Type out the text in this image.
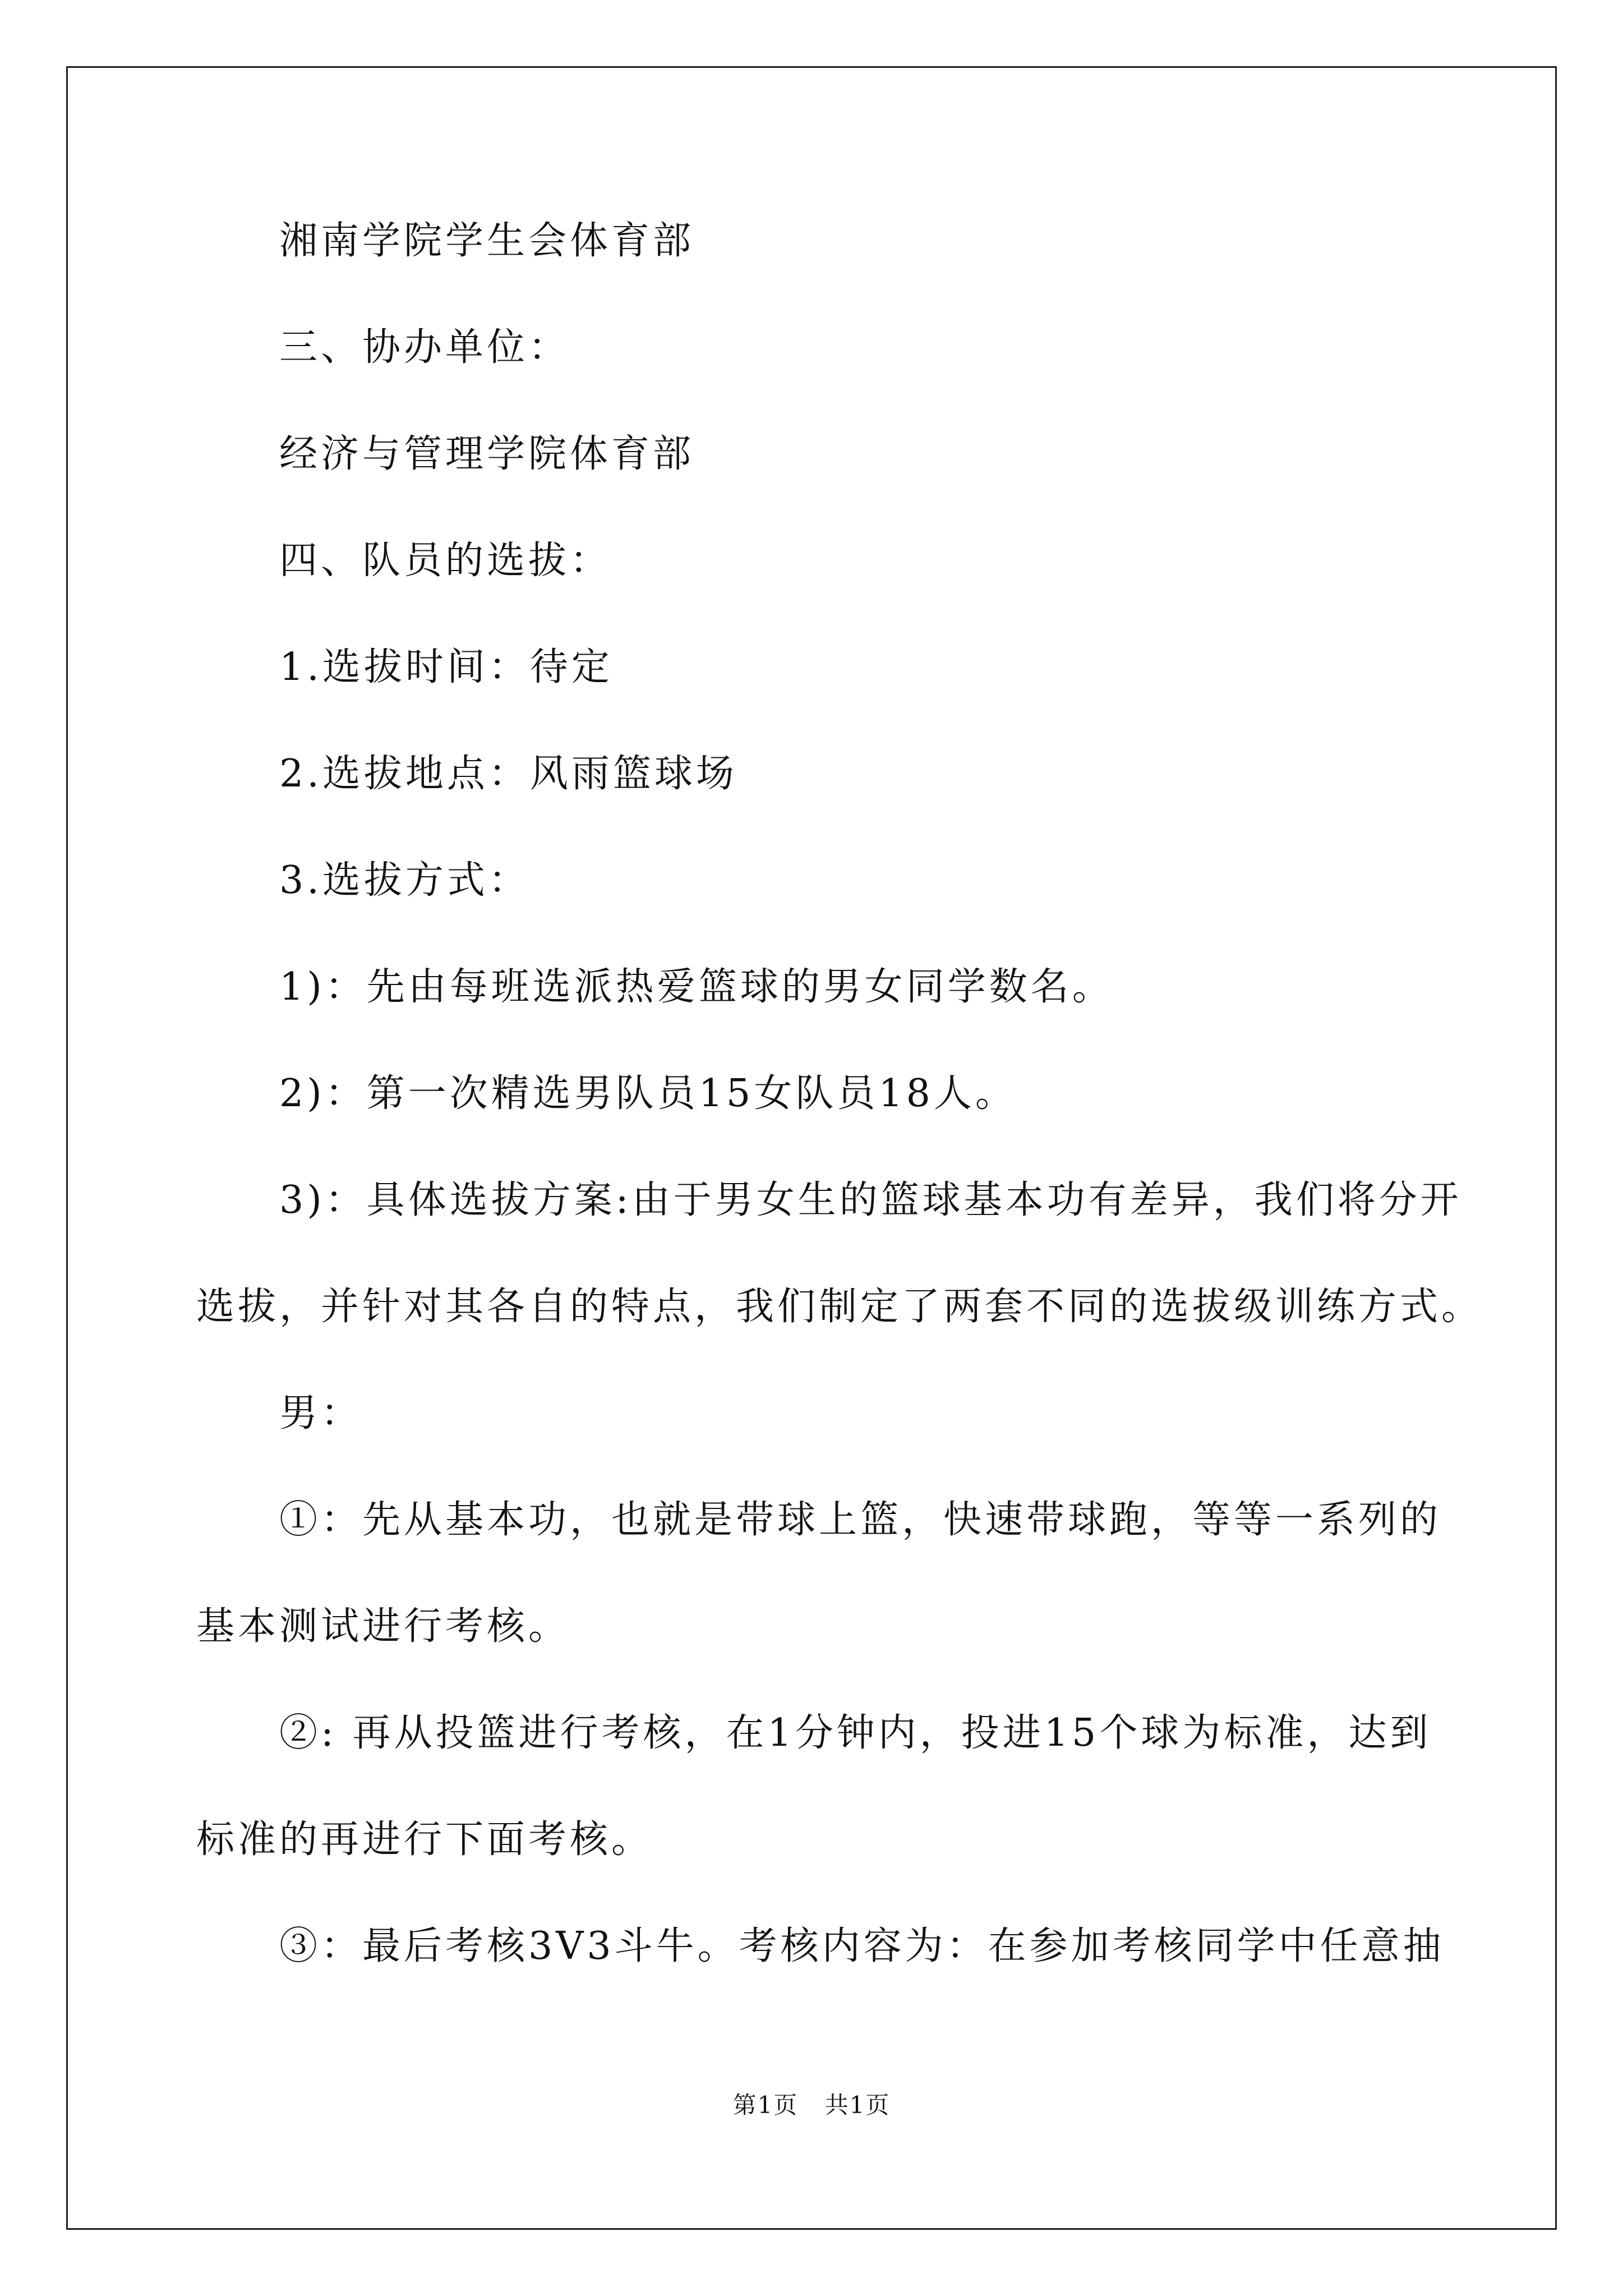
湘南学院学生会体育部
三、协办单位：
经济与管理学院体育部
四、队员的选拔：
1.选拔时间：待定
2.选拔地点：风雨篮球场
3.选拔方式：
1)：先由每班选派热爱篮球的男女同学数名。
2)：第一次精选男队员15女队员18人。
3)：具体选拔方案:由于男女生的篮球基本功有差异，我们将分开
选拔，并针对其各自的特点，我们制定了两套不同的选拔级训练方式。
男：
①：先从基本功，也就是带球上篮，快速带球跑，等等一系列的
基本测试进行考核。
②: 再从投篮进行考核，在1分钟内，投进15个球为标准，达到
标准的再进行下面考核。
③：最后考核3V3斗牛。考核内容为：在参加考核同学中任意抽
第1页 共1页
